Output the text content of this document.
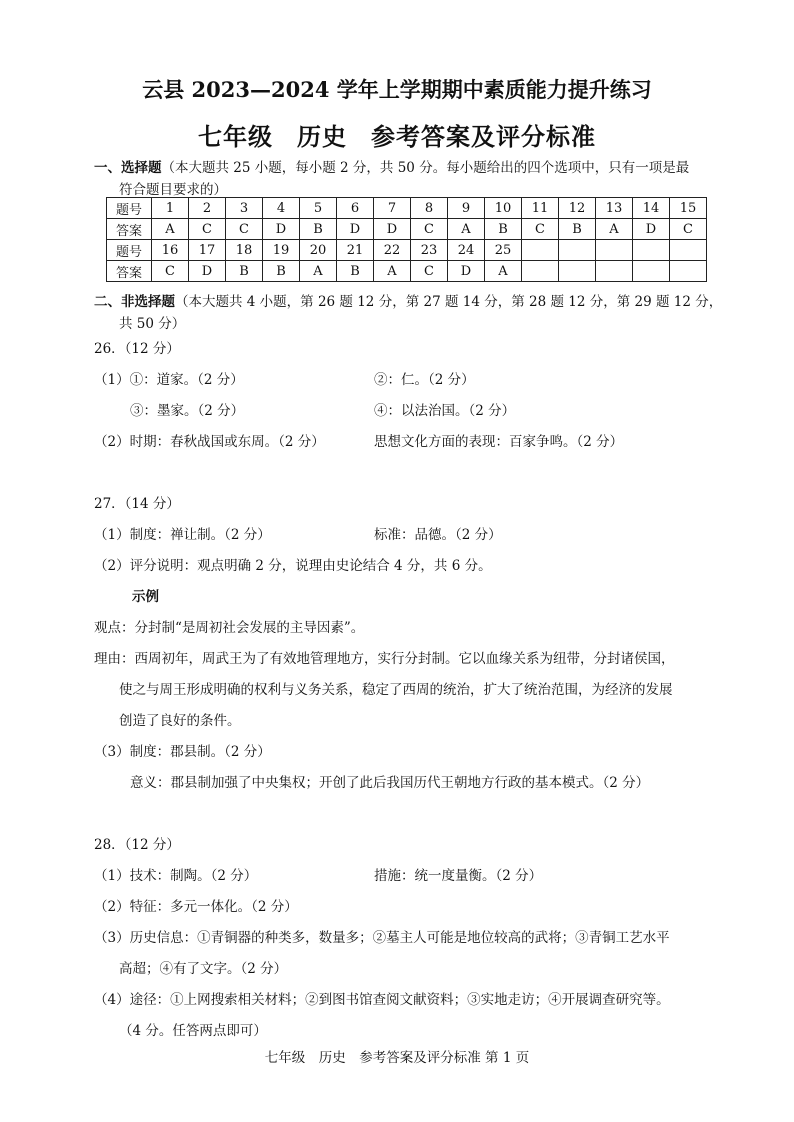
云县 2023—2024 学年上学期期中素质能力提升练习
七年级 历史 参考答案及评分标准
一、选择题（本大题共 25 小题，每小题 2 分，共 50 分。每小题给出的四个选项中，只有一项是最
符合题目要求的）
题号	1	2	3	4	5	6	7	8	9	10	11	12	13	14	15
答案	A	C	C	D	B	D	D	C	A	B	C	B	A	D	C
题号	16	17	18	19	20	21	22	23	24	25					
答案	C	D	B	B	A	B	A	C	D	A					
二、非选择题（本大题共 4 小题，第 26 题 12 分，第 27 题 14 分，第 28 题 12 分，第 29 题 12 分，
共 50 分）
26．（12 分）
（1）①：道家。（2 分）	②：仁。（2 分）
③：墨家。（2 分）	④：以法治国。（2 分）
（2）时期：春秋战国或东周。（2 分）	思想文化方面的表现：百家争鸣。（2 分）
27．（14 分）
（1）制度：禅让制。（2 分）	标准：品德。（2 分）
（2）评分说明：观点明确 2 分，说理由史论结合 4 分，共 6 分。
示例
观点：分封制“是周初社会发展的主导因素”。
理由：西周初年，周武王为了有效地管理地方，实行分封制。它以血缘关系为纽带，分封诸侯国，
使之与周王形成明确的权利与义务关系，稳定了西周的统治，扩大了统治范围，为经济的发展
创造了良好的条件。
（3）制度：郡县制。（2 分）
意义：郡县制加强了中央集权；开创了此后我国历代王朝地方行政的基本模式。（2 分）
28．（12 分）
（1）技术：制陶。（2 分）	措施：统一度量衡。（2 分）
（2）特征：多元一体化。（2 分）
（3）历史信息：①青铜器的种类多，数量多；②墓主人可能是地位较高的武将；③青铜工艺水平
高超；④有了文字。（2 分）
（4）途径：①上网搜索相关材料；②到图书馆查阅文献资料；③实地走访；④开展调查研究等。
（4 分。任答两点即可）
七年级　历史　参考答案及评分标准 第 1 页
